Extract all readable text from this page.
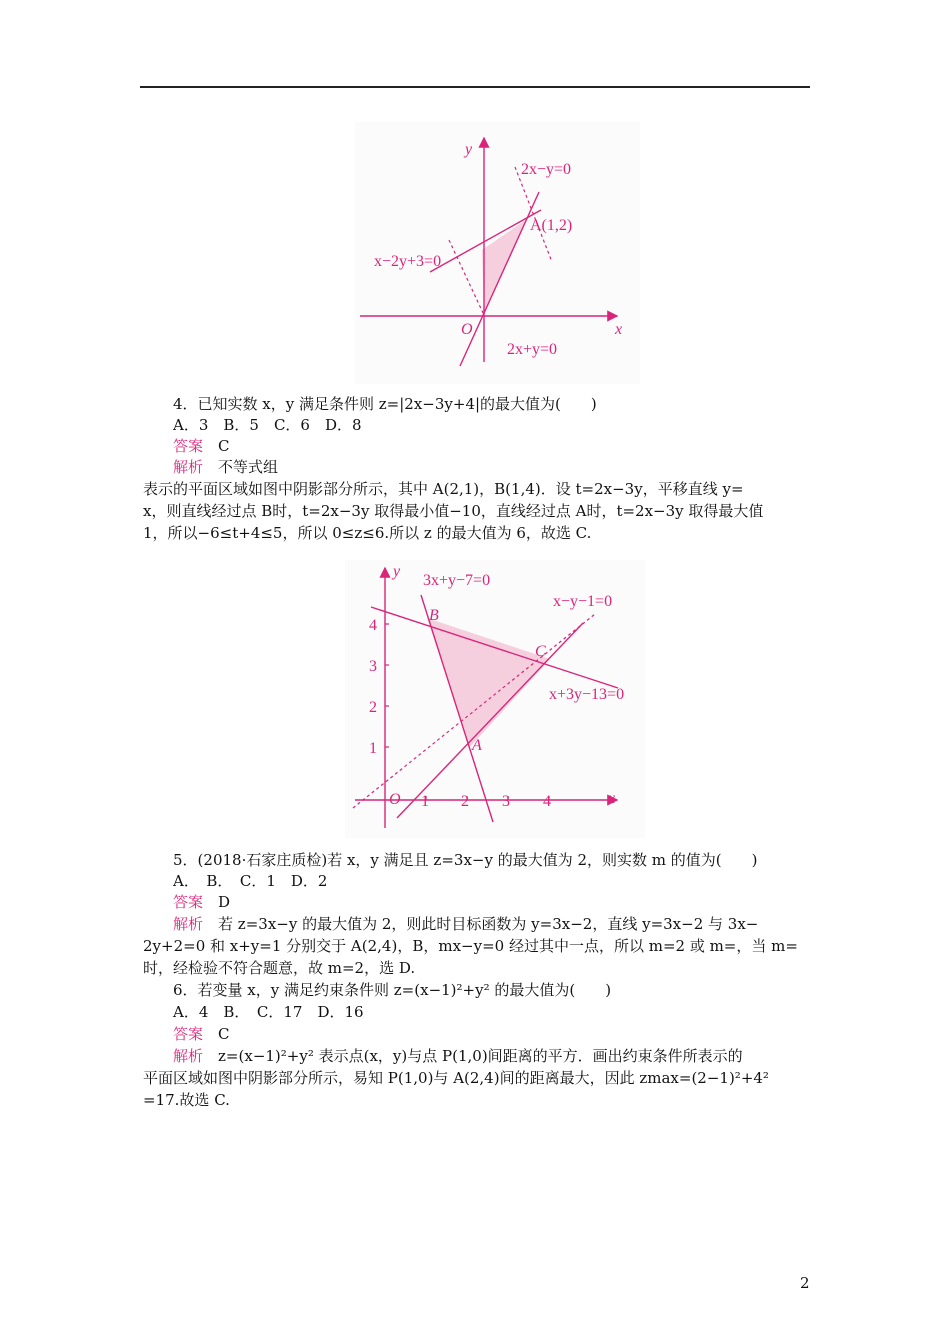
y
x
O
2x−y=0
A(1,2)
x−2y+3=0
2x+y=0
4．已知实数 x，y 满足条件则 z=|2x−3y+4|的最大值为(　　)
A．3　B．5　C．6　D．8
答案　 C
解析　 不等式组
表示的平面区域如图中阴影部分所示，其中 A(2,1)，B(1,4)．设 t=2x−3y，平移直线 y=
x，则直线经过点 B时，t=2x−3y 取得最小值−10，直线经过点 A时，t=2x−3y 取得最大值
1，所以−6≤t+4≤5，所以 0≤z≤6.所以 z 的最大值为 6，故选 C.
y
x
O 1 2 3 4
1
2
3
4
3x+y−7=0
x−y−1=0
x+3y−13=0
B
C
A
5．(2018·石家庄质检)若 x，y 满足且 z=3x−y 的最大值为 2，则实数 m 的值为(　　)
A．　B．　C．1　D．2
答案　 D
解析　 若 z=3x−y 的最大值为 2，则此时目标函数为 y=3x−2，直线 y=3x−2 与 3x−
2y+2=0 和 x+y=1 分别交于 A(2,4)，B，mx−y=0 经过其中一点，所以 m=2 或 m=，当 m=
时，经检验不符合题意，故 m=2，选 D.
6．若变量 x，y 满足约束条件则 z=(x−1)²+y² 的最大值为(　　)
A．4　B．　C．17　D．16
答案　 C
解析　 z=(x−1)²+y² 表示点(x，y)与点 P(1,0)间距离的平方．画出约束条件所表示的
平面区域如图中阴影部分所示，易知 P(1,0)与 A(2,4)间的距离最大，因此 zmax=(2−1)²+4²
=17.故选 C.
2
